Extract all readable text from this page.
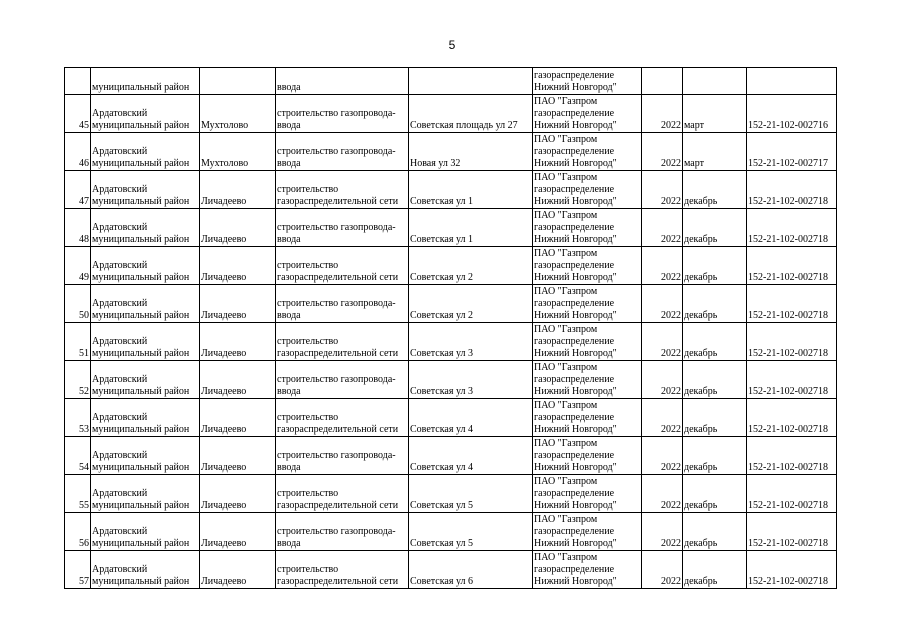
5

	муниципальный район		ввода		газораспределение
Нижний Новгород"			

45	Ардатовский
муниципальный район	Мухтолово	строительство газопровода-
ввода	Советская площадь ул 27	ПАО "Газпром
газораспределение
Нижний Новгород"	2022	март	152-21-102-002716
46	Ардатовский
муниципальный район	Мухтолово	строительство газопровода-
ввода	Новая ул 32	ПАО "Газпром
газораспределение
Нижний Новгород"	2022	март	152-21-102-002717
47	Ардатовский
муниципальный район	Личадеево	строительство
газораспределительной сети	Советская ул 1	ПАО "Газпром
газораспределение
Нижний Новгород"	2022	декабрь	152-21-102-002718
48	Ардатовский
муниципальный район	Личадеево	строительство газопровода-
ввода	Советская ул 1	ПАО "Газпром
газораспределение
Нижний Новгород"	2022	декабрь	152-21-102-002718
49	Ардатовский
муниципальный район	Личадеево	строительство
газораспределительной сети	Советская ул 2	ПАО "Газпром
газораспределение
Нижний Новгород"	2022	декабрь	152-21-102-002718
50	Ардатовский
муниципальный район	Личадеево	строительство газопровода-
ввода	Советская ул 2	ПАО "Газпром
газораспределение
Нижний Новгород"	2022	декабрь	152-21-102-002718
51	Ардатовский
муниципальный район	Личадеево	строительство
газораспределительной сети	Советская ул 3	ПАО "Газпром
газораспределение
Нижний Новгород"	2022	декабрь	152-21-102-002718
52	Ардатовский
муниципальный район	Личадеево	строительство газопровода-
ввода	Советская ул 3	ПАО "Газпром
газораспределение
Нижний Новгород"	2022	декабрь	152-21-102-002718
53	Ардатовский
муниципальный район	Личадеево	строительство
газораспределительной сети	Советская ул 4	ПАО "Газпром
газораспределение
Нижний Новгород"	2022	декабрь	152-21-102-002718
54	Ардатовский
муниципальный район	Личадеево	строительство газопровода-
ввода	Советская ул 4	ПАО "Газпром
газораспределение
Нижний Новгород"	2022	декабрь	152-21-102-002718
55	Ардатовский
муниципальный район	Личадеево	строительство
газораспределительной сети	Советская ул 5	ПАО "Газпром
газораспределение
Нижний Новгород"	2022	декабрь	152-21-102-002718
56	Ардатовский
муниципальный район	Личадеево	строительство газопровода-
ввода	Советская ул 5	ПАО "Газпром
газораспределение
Нижний Новгород"	2022	декабрь	152-21-102-002718
57	Ардатовский
муниципальный район	Личадеево	строительство
газораспределительной сети	Советская ул 6	ПАО "Газпром
газораспределение
Нижний Новгород"	2022	декабрь	152-21-102-002718
